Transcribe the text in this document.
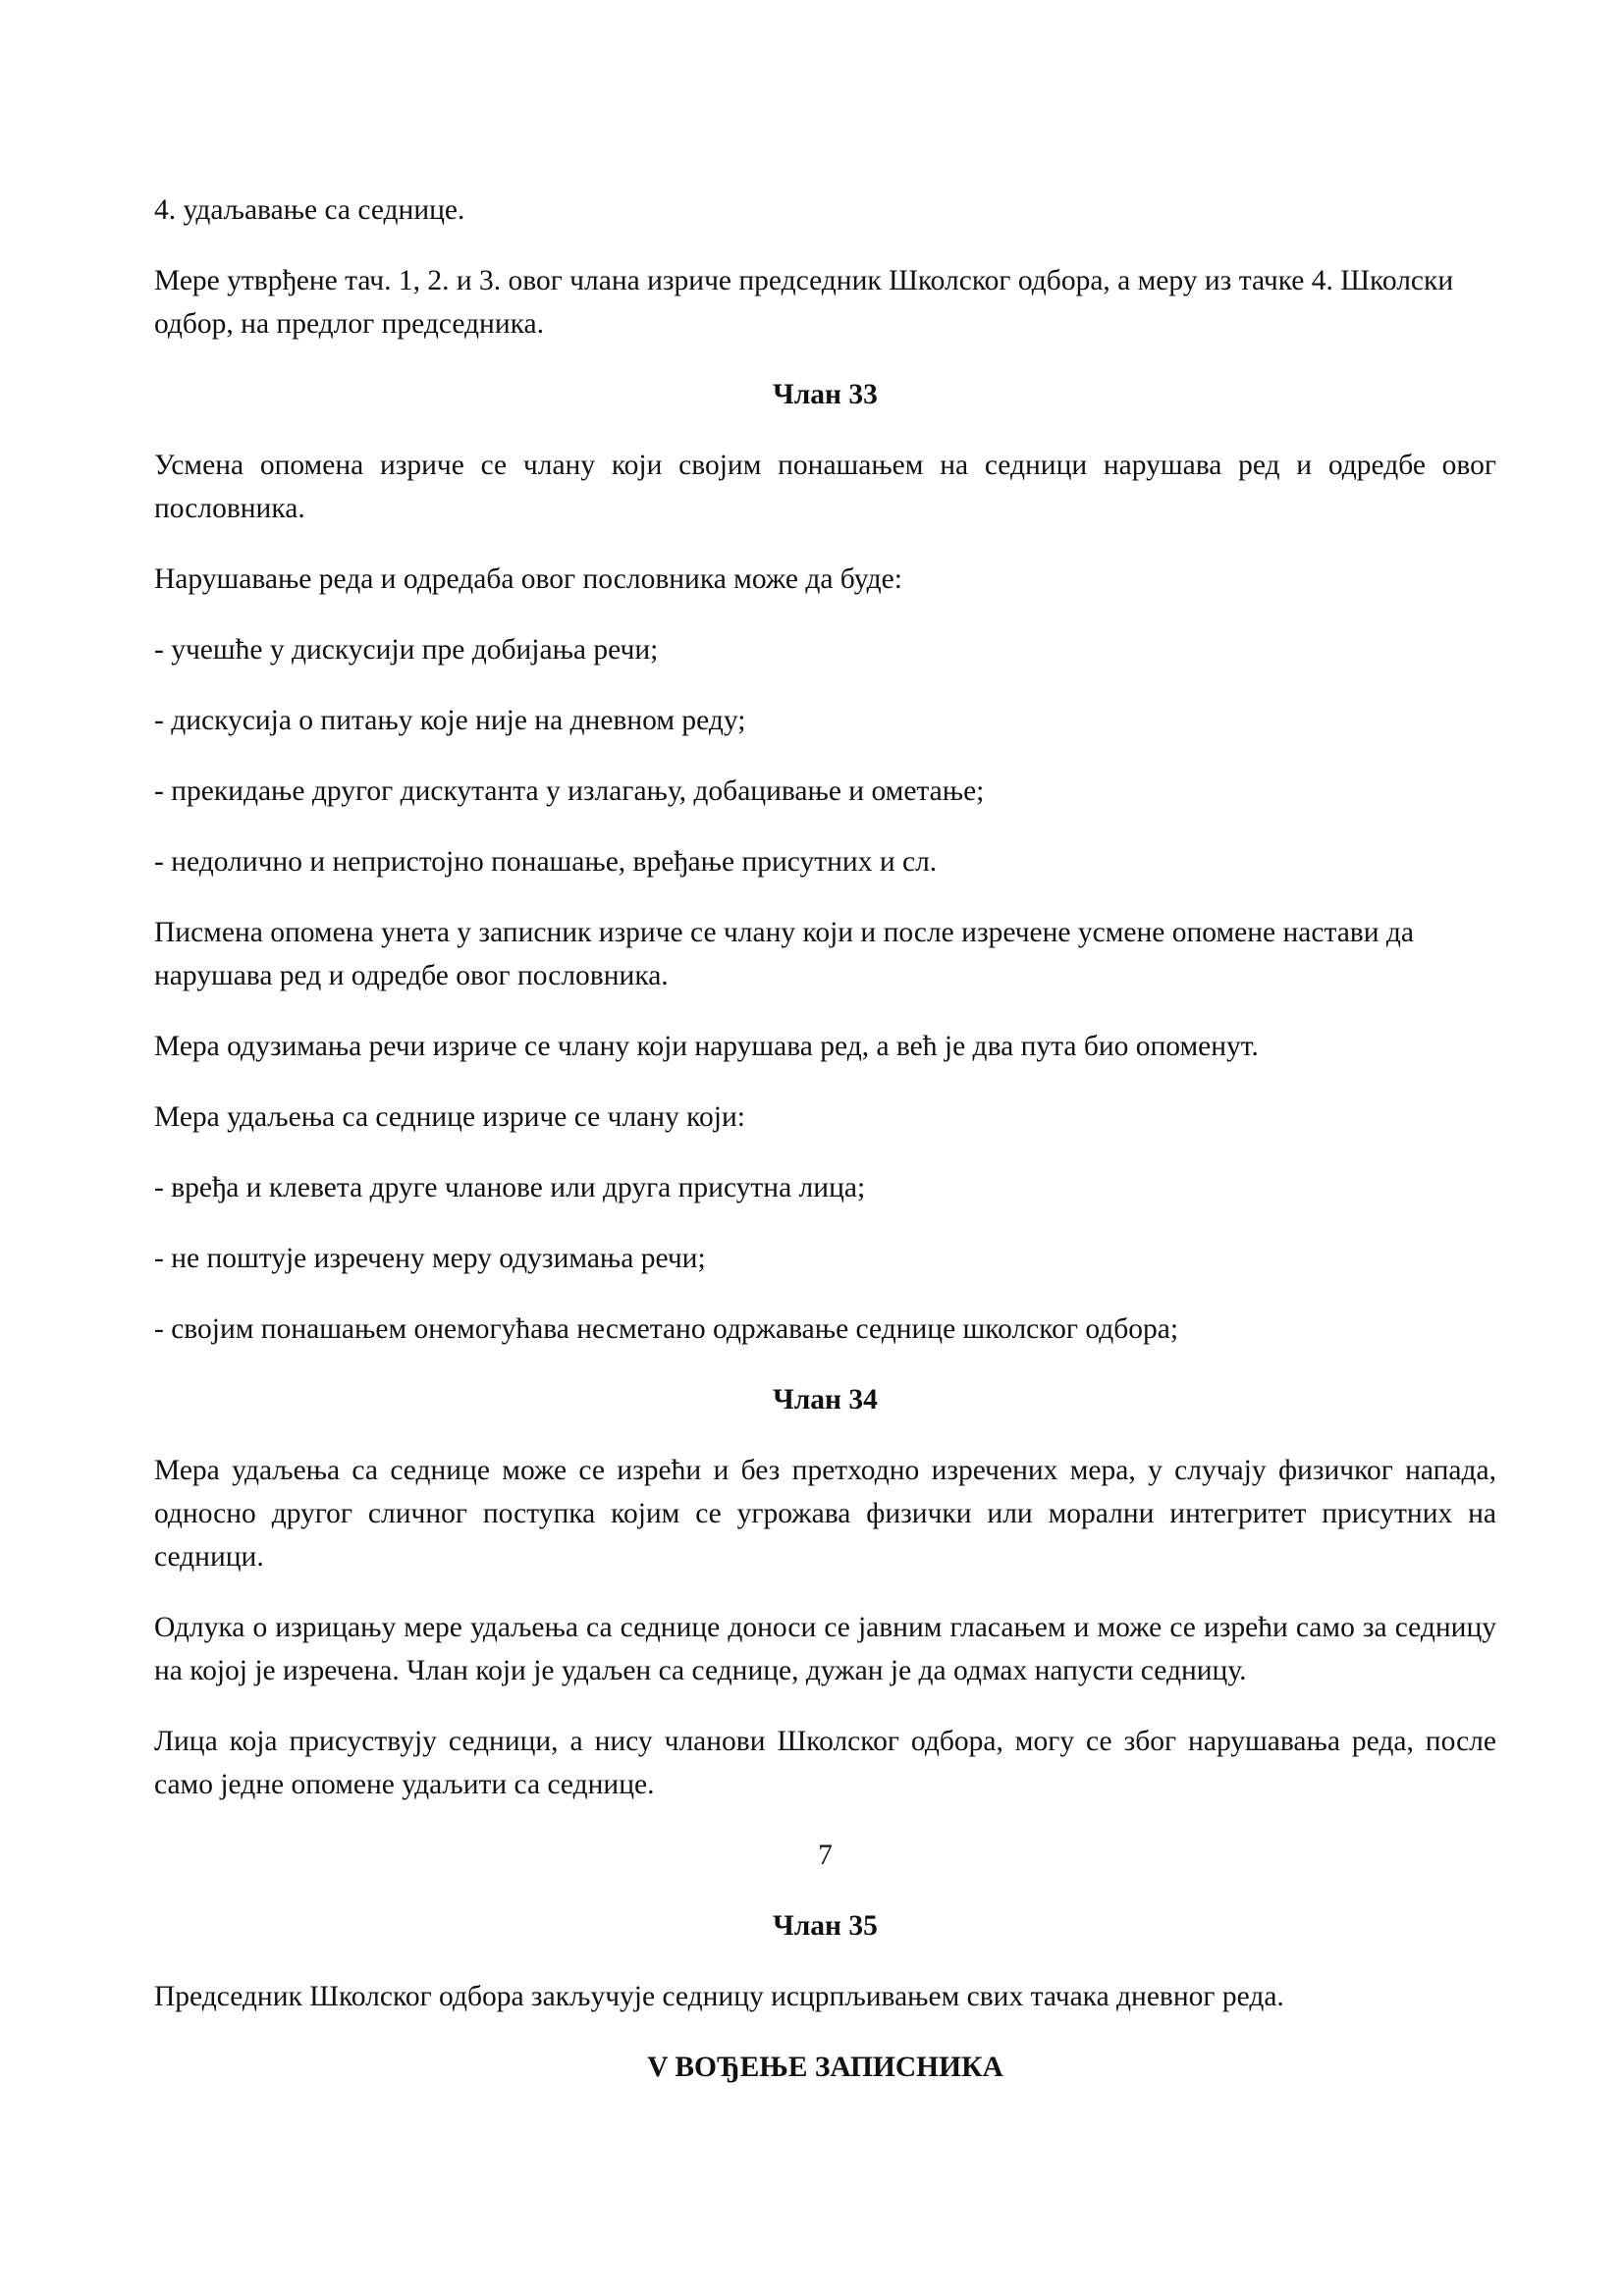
4. удаљавање са седнице.

Мере утврђене тач. 1, 2. и 3. овог члана изриче председник Школског одбора, а меру из тачке 4. Школски одбор, на предлог председника.

Члан 33

Усмена опомена изриче се члану који својим понашањем на седници нарушава ред и одредбе овог пословника.

Нарушавање реда и одредаба овог пословника може да буде:

- учешће у дискусији пре добијања речи;

- дискусија о питању које није на дневном реду;

- прекидање другог дискутанта у излагању, добацивање и ометање;

- недолично и непристојно понашање, вређање присутних и сл.

Писмена опомена унета у записник изриче се члану који и после изречене усмене опомене настави да нарушава ред и одредбе овог пословника.

Мера одузимања речи изриче се члану који нарушава ред, а већ је два пута био опоменут.

Мера удаљења са седнице изриче се члану који:

- вређа и клевета друге чланове или друга присутна лица;

- не поштује изречену меру одузимања речи;

- својим понашањем онемогућава несметано одржавање седнице школског одбора;

Члан 34

Мера удаљења са седнице може се изрећи и без претходно изречених мера, у случају физичког напада, односно другог сличног поступка којим се угрожава физички или морални интегритет присутних на седници.

Одлука о изрицању мере удаљења са седнице доноси се јавним гласањем и може се изрећи само за седницу на којој је изречена. Члан који је удаљен са седнице, дужан је да одмах напусти седницу.

Лица која присуствују седници, а нису чланови Школског одбора, могу се због нарушавања реда, после само једне опомене удаљити са седнице.

7
Члан 35

Председник Школског одбора закључује седницу исцрпљивањем свих тачака дневног реда.

V ВОЂЕЊЕ ЗАПИСНИКА
